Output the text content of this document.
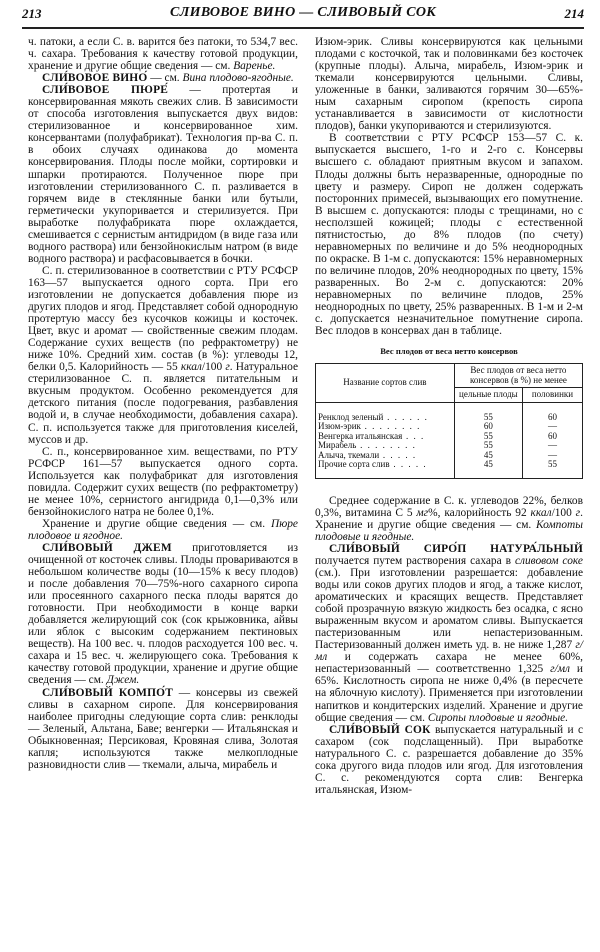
213	СЛИВОВОЕ ВИНО — СЛИВОВЫЙ СОК	214

ч. патоки, а если С. в. варится без патоки, то 534,7 вес. ч. сахара. Требования к качеству готовой продукции, хранение и другие общие сведения — см. Варенье.

СЛИ́ВОВОЕ ВИНО́ — см. Вина плодово-ягодные.

СЛИ́ВОВОЕ ПЮРЕ́ — протертая и консервированная мякоть свежих слив. В зависимости от способа изготовления выпускается двух видов: стерилизованное и консервированное хим. консервантами (полуфабрикат). Технология пр-ва С. п. в обоих случаях одинакова до момента консервирования. Плоды после мойки, сортировки и шпарки протираются. Полученное пюре при изготовлении стерилизованного С. п. разливается в горячем виде в стеклянные банки или бутыли, герметически укупоривается и стерилизуется. При выработке полуфабриката пюре охлаждается, смешивается с сернистым антидридом (в виде газа или водного раствора) или бензойнокислым натром (в виде водного раствора) и расфасовывается в бочки.

С. п. стерилизованное в соответствии с РТУ РСФСР 163—57 выпускается одного сорта. При его изготовлении не допускается добавления пюре из других плодов и ягод. Представляет собой однородную протертую массу без кусочков кожицы и косточек. Цвет, вкус и аромат — свойственные свежим плодам. Содержание сухих веществ (по рефрактометру) не ниже 10%. Средний хим. состав (в %): углеводы 12, белки 0,5. Калорийность — 55 ккал/100 г. Натуральное стерилизованное С. п. является питательным и вкусным продуктом. Особенно рекомендуется для детского питания (после подогревания, разбавления водой и, в случае необходимости, добавления сахара). С. п. используется также для приготовления киселей, муссов и др.

С. п., консервированное хим. веществами, по РТУ РСФСР 161—57 выпускается одного сорта. Используется как полуфабрикат для изготовления повидла. Содержит сухих веществ (по рефрактометру) не менее 10%, сернистого ангидрида 0,1—0,3% или бензойнокислого натра не более 0,1%.

Хранение и другие общие сведения — см. Пюре плодовое и ягодное.

СЛИ́ВОВЫЙ ДЖЕМ приготовляется из очищенной от косточек сливы. Плоды провариваются в небольшом количестве воды (10—15% к весу плодов) и после добавления 70—75%-ного сахарного сиропа или просеянного сахарного песка плоды варятся до готовности. При необходимости в конце варки добавляется желирующий сок (сок крыжовника, айвы или яблок с высоким содержанием пектиновых веществ). На 100 вес. ч. плодов расходуется 100 вес. ч. сахара и 15 вес. ч. желирующего сока. Требования к качеству готовой продукции, хранение и другие общие сведения — см. Джем.

СЛИ́ВОВЫЙ КОМПО́Т — консервы из свежей сливы в сахарном сиропе. Для консервирования наиболее пригодны следующие сорта слив: ренклоды — Зеленый, Альтана, Баве; венгерки — Итальянская и Обыкновенная; Персиковая, Кровяная слива, Золотая капля; используются также мелкоплодные разновидности слив — ткемали, алыча, мирабель и

Изюм-эрик. Сливы консервируются как цельными плодами с косточкой, так и половинками без косточек (крупные плоды). Алыча, мирабель, Изюм-эрик и ткемали консервируются цельными. Сливы, уложенные в банки, заливаются горячим 30—65%-ным сахарным сиропом (крепость сиропа устанавливается в зависимости от кислотности плодов), банки укупориваются и стерилизуются.

В соответствии с РТУ РСФСР 153—57 С. к. выпускается высшего, 1-го и 2-го с. Консервы высшего с. обладают приятным вкусом и запахом. Плоды должны быть неразваренные, однородные по цвету и размеру. Сироп не должен содержать посторонних примесей, вызывающих его помутнение. В высшем с. допускаются: плоды с трещинами, но с несползшей кожицей; плоды с естественной пятнистостью, до 8% плодов (по счету) неравномерных по величине и до 5% неоднородных по окраске. В 1-м с. допускаются: 15% неравномерных по величине плодов, 20% неоднородных по цвету, 15% разваренных. Во 2-м с. допускаются: 20% неравномерных по величине плодов, 25% неоднородных по цвету, 25% разваренных. В 1-м и 2-м с. допускается незначительное помутнение сиропа. Вес плодов в консервах дан в таблице.

Вес плодов от веса нетто консервов
Название сортов слив	Вес плодов от веса нетто консервов (в %) не менее	
	цельные плоды	половинки
Ренклод зеленый . . . . . .	55	60
Изюм-эрик . . . . . . . .	60	—
Венгерка итальянская . . .	55	60
Мирабель . . . . . . . .	55	—
Алыча, ткемали . . . . .	45	—
Прочие сорта слив . . . . .	45	55

Среднее содержание в С. к. углеводов 22%, белков 0,3%, витамина С 5 мг%, калорийность 92 ккал/100 г. Хранение и другие общие сведения — см. Компоты плодовые и ягодные.

СЛИ́ВОВЫЙ СИРО́П НАТУРА́ЛЬНЫЙ получается путем растворения сахара в сливовом соке (см.). При изготовлении разрешается: добавление воды или соков других плодов и ягод, а также кислот, ароматических и красящих веществ. Представляет собой прозрачную вязкую жидкость без осадка, с ясно выраженным вкусом и ароматом сливы. Выпускается пастеризованным или непастеризованным. Пастеризованный должен иметь уд. в. не ниже 1,287 г/мл и содержать сахара не менее 60%, непастеризованный — соответственно 1,325 г/мл и 65%. Кислотность сиропа не ниже 0,4% (в пересчете на яблочную кислоту). Применяется при изготовлении напитков и кондитерских изделий. Хранение и другие общие сведения — см. Сиропы плодовые и ягодные.

СЛИ́ВОВЫЙ СОК выпускается натуральный и с сахаром (сок подслащенный). При выработке натурального С. с. разрешается добавление до 35% сока другого вида плодов или ягод. Для изготовления С. с. рекомендуются сорта слив: Венгерка итальянская, Изюм-
